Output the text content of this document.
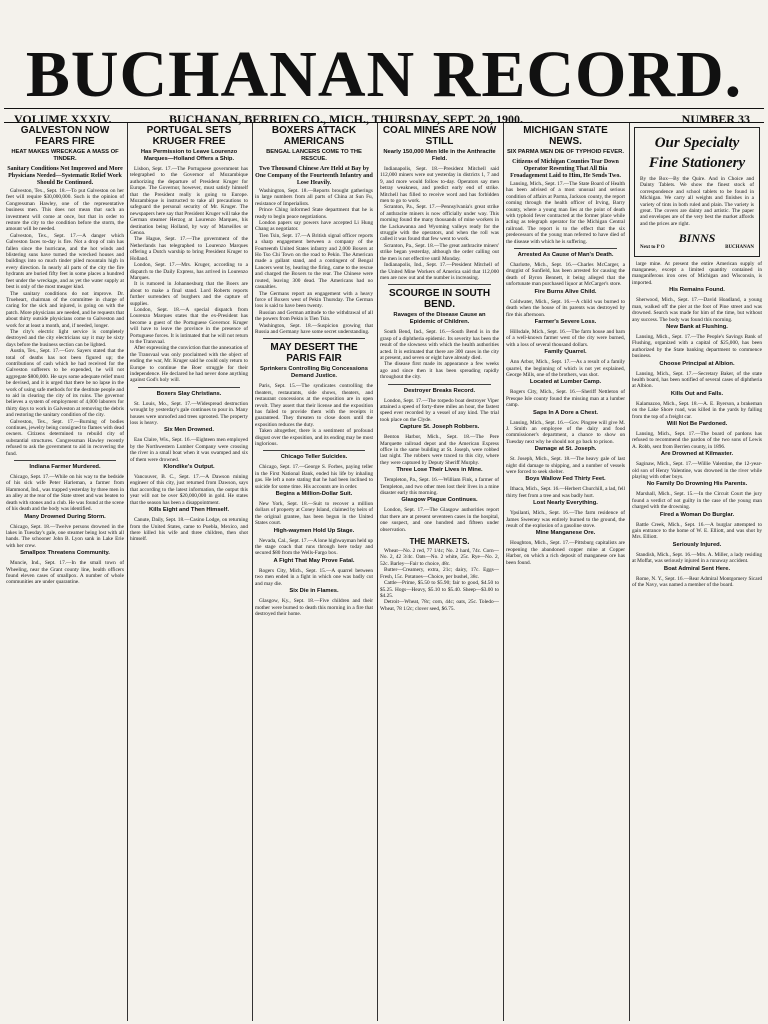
BUCHANAN RECORD.
VOLUME XXXIV.	BUCHANAN, BERRIEN CO., MICH., THURSDAY, SEPT. 20, 1900.	NUMBER 33
GALVESTON NOW FEARS FIRE
HEAT MAKES WRECKAGE A MASS OF TINDER.
Sanitary Conditions Not Improved and More Physicians Needed—Systematic Relief Work Should Be Continued.

Galveston, Tex., Sept. 18.—To put Galveston on her feet will require $30,000,000. Such is the opinion of Congressman Hawley, one of the representative business men. This does not mean that such an investment will come at once, but that in order to restore the city to the condition before the storm, the amount will be needed.

Galveston, Tex., Sept. 17.—A danger which Galveston faces to-day is fire. Not a drop of rain has fallen since the hurricane, and the hot winds and blistering suns have turned the wrecked houses and buildings into so much tinder piled mountain high in every direction. In nearly all parts of the city the fire hydrants are buried fifty feet in some places a hundred feet under the wreckage, and as yet the water supply at best is only of the most meager kind.

The sanitary conditions do not improve. Dr. Trueheart, chairman of the committee in charge of caring for the sick and injured, is going on with the patch. More physicians are needed, and he requests that about thirty outside physicians come to Galveston and work for at least a month, and, if needed, longer.

The city's electric light service is completely destroyed and the city electricians say it may be sixty days before the business section can be lighted.

Austin, Tex., Sept. 17.—Gov. Sayers stated that the total of deaths has not been figured up; the contributions of cash which he had received for the Galveston sufferers to be expended, he will not aggregate $800,000. He says some adequate relief must be devised, and it is urged that there be no lapse in the work of using safe methods for the destitute people and to aid in clearing the city of its ruins. The governor believes a system of employment of 4,000 laborers for thirty days to work in Galveston at removing the debris and restoring the sanitary condition of the city.

Galveston, Tex., Sept. 17.—Burning of bodies continues, jewelry being consigned to flames with dead owners. Citizens determined to rebuild city of substantial structures. Congressman Hawley recently refused to ask the government to aid in recovering the fund.

Indiana Farmer Murdered.

Chicago, Sept. 17.—While on his way to the bedside of his sick wife Peter Harleman, a farmer from Hammond, Ind., was trapped yesterday by three men in an alley at the rear of the State street and was beaten to death with stones and a club. He was found at the scene of his death and the body was identified.

Many Drowned During Storm.

Chicago, Sept. 18.—Twelve persons drowned in the lakes in Tuesday's gale, one steamer being lost with all hands. The schooner John B. Lyon sank in Lake Erie with her crew.

Smallpox Threatens Community.

Muncie, Ind., Sept. 17.—In the small town of Wheeling, near the Grant county line, health officers found eleven cases of smallpox. A number of whole communities are under quarantine.

PORTUGAL SETS KRUGER FREE
Has Permission to Leave Lourenzo Marques—Holland Offers a Ship.

Lisbon, Sept. 17.—The Portuguese government has telegraphed to the Governor of Mozambique authorizing the departure of President Kruger for Europe. The Governor, however, must satisfy himself that the President really is going to Europe. Mozambique is instructed to take all precautions to safeguard the personal security of Mr. Kruger. The newspapers here say that President Kruger will take the German steamer Herzog at Lourenzo Marques, his destination being Holland, by way of Marseilles or Genoa.

The Hague, Sept. 17.—The government of the Netherlands has telegraphed to Lourenzo Marques offering a Dutch warship to bring President Kruger to Holland.

London, Sept. 17.—Mrs. Kruger, according to a dispatch to the Daily Express, has arrived in Lourenzo Marques.

It is rumored in Johannesburg that the Boers are about to make a final stand. Lord Roberts reports further surrenders of burghers and the capture of supplies.

London, Sept. 18.—A special dispatch from Lourenzo Marques states that the ex-President has become a guest of the Portuguese Governor. Kruger will have to leave the province in the presence of Portuguese forces. It is intimated that he will not return to the Transvaal.

After expressing the conviction that the annexation of the Transvaal was only proclaimed with the object of ending the war, Mr. Kruger said he could only return to Europe to continue the Boer struggle for their independence. He declared he had never done anything against God's holy will.

Boxers Slay Christians.

St. Louis, Mo., Sept. 17.—Widespread destruction wrought by yesterday's gale continues to pour in. Many houses were unroofed and trees uprooted. The property loss is heavy.

Six Men Drowned.

Eau Claire, Wis., Sept. 16.—Eighteen men employed by the Northwestern Lumber Company were crossing the river in a small boat when it was swamped and six of them were drowned.

Klondike's Output.

Vancouver, B. C., Sept. 17.—A Dawson mining engineer of this city, just returned from Dawson, says that according to the latest information, the output this year will not be over $20,000,000 in gold. He states that the season has been a disappointment.

Kills Eight and Then Himself.

Canute, Daily, Sept. 18.—Casino Lodge, on returning from the United States, came to Puebla, Mexico, and there killed his wife and three children, then shot himself.

BOXERS ATTACK AMERICANS
BENGAL LANCERS COME TO THE RESCUE.
Two Thousand Chinese Are Held at Bay by One Company of the Fourteenth Infantry and Lose Heavily.

Washington, Sept. 18.—Reports brought gatherings in large numbers from all parts of China at Sun Fu, resistance of Imperialists.

Prince Ching informed State department that he is ready to begin peace negotiations.

London papers say powers have accepted Li Hung Chang as negotiator.

Tien Tsin, Sept. 17.—A British signal officer reports a sharp engagement between a company of the Fourteenth United States infantry and 2,000 Boxers at Ho Tso Chi Town on the road to Pekin. The American made a gallant stand, and a contingent of Bengal Lancers went by, hearing the firing, came to the rescue and charged the Boxers to the rear. The Chinese were routed, leaving 300 dead. The Americans had no casualties.

The Germans report an engagement with a heavy force of Boxers west of Pekin Thursday. The German loss is said to have been twenty.

Russian and German attitude to the withdrawal of all the powers from Pekin is Tien Tsin.

Washington, Sept. 18.—Suspicion growing that Russia and Germany have some secret understanding.

MAY DESERT THE PARIS FAIR
Sprinkers Controlling Big Concessions Demand Justice.

Paris, Sept. 15.—The syndicates controlling the theaters, restaurants, side shows, theaters, and restaurant concessions at the exposition are in open revolt. They assert that their license and the exposition has failed to provide them with the receipts it guaranteed. They threaten to close doors until the exposition reduces the duty.

Taken altogether, there is a sentiment of profound disgust over the exposition, and its ending may be most inglorious.

Chicago Teller Suicides.

Chicago, Sept. 17.—George S. Forbes, paying teller in the First National Bank, ended his life by inhaling gas. He left a note stating that he had been inclined to suicide for some time. His accounts are in order.

Begins a Million-Dollar Suit.

New York, Sept. 18.—Suit to recover a million dollars of property at Coney Island, claimed by heirs of the original grantee, has been begun in the United States court.

High-waymen Hold Up Stage.

Nevada, Cal., Sept. 17.—A lone highwayman held up the stage coach that runs through here today and secured $80 from the Wells-Fargo box.

A Fight That May Prove Fatal.

Rogers City, Mich., Sept. 15.—A quarrel between two men ended in a fight in which one was badly cut and may die.

Six Die in Flames.

Glasgow, Ky., Sept. 18.—Five children and their mother were burned to death this morning in a fire that destroyed their home.

COAL MINES ARE NOW STILL
Nearly 150,000 Men Idle in the Anthracite Field.

Indianapolis, Sept. 18.—President Mitchell said 112,000 miners were out yesterday in districts 1, 7 and 9, and more would follow to-day. Operators say men betray weakness, and predict early end of strike. Mitchell has filled to receive word and has forbidden men to go to work.

Scranton, Pa., Sept. 17.—Pennsylvania's great strike of anthracite miners is now officially under way. This morning found the many thousands of mine workers in the Lackawanna and Wyoming valleys ready for the struggle with the operators, and when the roll was called it was found that few went to work.

Scranton, Pa., Sept. 18.—The great anthracite miners' strike began yesterday, although the order calling out the men is not effective until Monday.

Indianapolis, Ind., Sept. 17.—President Mitchell of the United Mine Workers of America said that 112,000 men are now out and the number is increasing.

SCOURGE IN SOUTH BEND.
Ravages of the Disease Cause an Epidemic of Children.

South Bend, Ind., Sept. 16.—South Bend is in the grasp of a diphtheria epidemic. Its severity has been the result of the slowness with which the health authorities acted. It is estimated that there are 300 cases in the city at present, and seven or eight have already died.

The disease first made its appearance a few weeks ago and since then it has been spreading rapidly throughout the city.

Destroyer Breaks Record.

London, Sept. 17.—The torpedo boat destroyer Viper attained a speed of forty-three miles an hour, the fastest speed ever recorded by a vessel of any kind. The trial took place on the Clyde.

Capture St. Joseph Robbers.

Benton Harbor, Mich., Sept. 18.—The Pere Marquette railroad depot and the American Express office in the same building at St. Joseph, were robbed last night. The robbers were traced to this city, where they were captured by Deputy Sheriff Murphy.

Three Lose Their Lives in Mine.

Templeton, Pa., Sept. 16.—William Fink, a farmer of Templeton, and two other men lost their lives in a mine disaster early this morning.

Glasgow Plague Continues.

London, Sept. 17.—The Glasgow authorities report that there are at present seventeen cases in the hospital, one suspect, and one hundred and fifteen under observation.

THE MARKETS.

Wheat—No. 2 red, 77 1/4c; No. 2 hard, 74c. Corn—No. 2, 42 3/4c. Oats—No. 2 white, 25c. Rye—No. 2, 52c. Barley—Fair to choice, 48c.

Butter—Creamery, extra, 21c; dairy, 17c. Eggs—Fresh, 15c. Potatoes—Choice, per bushel, 38c.

Cattle—Prime, $5.50 to $5.90; fair to good, $4.50 to $5.25. Hogs—Heavy, $5.10 to $5.40. Sheep—$3.00 to $4.25.

Detroit—Wheat, 78c; corn, 44c; oats, 25c. Toledo—Wheat, 78 1/2c; clover seed, $6.75.

MICHIGAN STATE NEWS.
SIX PARMA MEN DIE OF TYPHOID FEVER.
Citizens of Michigan Counties Tear Down Operator Resenting That All Bia Froadagement Laid to Him, He Sends Two.

Lansing, Mich., Sept. 17.—The State Board of Health has been advised of a most unusual and serious condition of affairs at Parma, Jackson county, the report coming through the health officer of Irving, Barry county, where a young man lies at the point of death with typhoid fever contracted at the former place while acting as telegraph operator for the Michigan Central railroad. The report is to the effect that the six predecessors of the young man referred to have died of the disease with which he is suffering.

Arrested As Cause of Man's Death.

Charlotte, Mich., Sept. 16.—Charles McCarger, a druggist of Sunfield, has been arrested for causing the death of Byron Bennett, it being alleged that the unfortunate man purchased liquor at McCarger's store.

Fire Burns Alive Child.

Coldwater, Mich., Sept. 16.—A child was burned to death when the house of its parents was destroyed by fire this afternoon.

Farmer's Severe Loss.

Hillsdale, Mich., Sept. 16.—The farm house and barn of a well-known farmer west of the city were burned, with a loss of several thousand dollars.

Family Quarrel.

Ann Arbor, Mich., Sept. 17.—As a result of a family quarrel, the beginning of which is not yet explained, George Mills, one of the brothers, was shot.

Located at Lumber Camp.

Rogers City, Mich., Sept. 16.—Sheriff Nettleton of Presque Isle county found the missing man at a lumber camp.

Saps In A Dore a Chest.

Lansing, Mich., Sept. 16.—Gov. Pingree will give M. J. Smith an employee of the dairy and food commissioner's department, a chance to show on Tuesday next why he should not go back to prison.

Damage at St. Joseph.

St. Joseph, Mich., Sept. 18.—The heavy gale of last night did damage to shipping, and a number of vessels were forced to seek shelter.

Boys Wallow Fed Thirty Feet.

Ithaca, Mich., Sept. 16.—Herbert Churchill, a lad, fell thirty feet from a tree and was badly hurt.

Lost Nearly Everything.

Ypsilanti, Mich., Sept. 16.—The farm residence of James Sweeney was entirely burned to the ground, the result of the explosion of a gasoline stove.

Mine Manganese Ore.

Houghton, Mich., Sept. 17.—Pittsburg capitalists are reopening the abandoned copper mine at Copper Harbor, on which a rich deposit of manganese ore has been found.

Our Specialty
Fine Stationery
By the Box—By the Quire. And in Choice and Dainty Tablets. We show the finest stock of correspondence and school tablets to be found in Michigan. We carry all weights and finishes in a variety of tints in both ruled and plain. The variety is great. The covers are dainty and artistic. The paper and envelopes are of the very best the market affords and the prices are right.
BINNS
Next to P O	BUCHANAN

large mine. At present the entire American supply of manganese, except a limited quantity contained in manganiferous iron ores of Michigan and Wisconsin, is imported.

His Remains Found.

Sherwood, Mich., Sept. 17.—David Hoadland, a young man, walked off the pier at the foot of Pine street and was drowned. Search was made for him of the time, but without any success. The body was found this morning.

New Bank at Flushing.

Lansing, Mich., Sept. 17.—The People's Savings Bank of Flushing, organized with a capital of $25,000, has been authorized by the State banking department to commence business.

Choose Principal at Albion.

Lansing, Mich., Sept. 17.—Secretary Baker, of the state health board, has been notified of several cases of diphtheria at Albion.

Kills Out and Falls.

Kalamazoo, Mich., Sept. 18.—A. E. Byerson, a brakeman on the Lake Shore road, was killed in the yards by falling from the top of a freight car.

Will Not Be Pardoned.

Lansing, Mich., Sept. 17.—The board of pardons has refused to recommend the pardon of the two sons of Lewis A. Robb, sent from Berrien county, in 1896.

Are Drowned at Kilmaster.

Saginaw, Mich., Sept. 17.—Willie Valentine, the 12-year-old son of Henry Valentine, was drowned in the river while playing with other boys.

No Family Do Drowning His Parents.

Marshall, Mich., Sept. 15.—In the Circuit Court the jury found a verdict of not guilty in the case of the young man charged with the drowning.

Fired a Woman Do Burglar.

Battle Creek, Mich., Sept. 16.—A burglar attempted to gain entrance to the home of W. E. Elliott, and was shot by Mrs. Elliott.

Seriously Injured.

Standish, Mich., Sept. 16.—Mrs. A. Miller, a lady residing at Moffat, was seriously injured in a runaway accident.

Boat Admiral Sent Here.

Rome, N. Y., Sept. 16.—Rear Admiral Montgomery Sicard of the Navy, was named a member of the board.
